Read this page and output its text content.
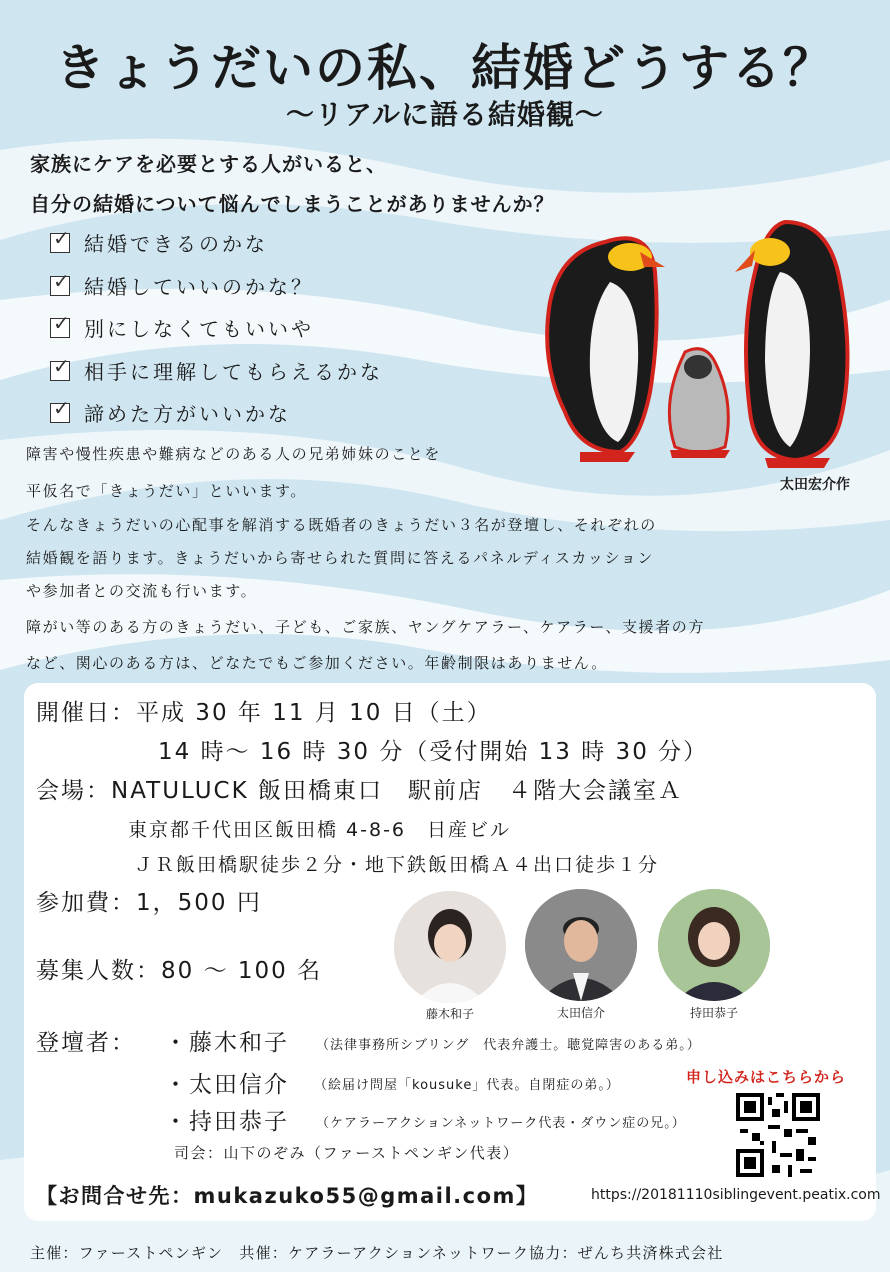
きょうだいの私、結婚どうする？
〜リアルに語る結婚観〜
家族にケアを必要とする人がいると、
自分の結婚について悩んでしまうことがありませんか？
✓
結婚できるのかな
✓
結婚していいのかな？
✓
別にしなくてもいいや
✓
相手に理解してもらえるかな
✓
諦めた方がいいかな
太田宏介作
障害や慢性疾患や難病などのある人の兄弟姉妹のことを
平仮名で「きょうだい」といいます。
そんなきょうだいの心配事を解消する既婚者のきょうだい３名が登壇し、それぞれの
結婚観を語ります。きょうだいから寄せられた質問に答えるパネルディスカッション
や参加者との交流も行います。
障がい等のある方のきょうだい、子ども、ご家族、ヤングケアラー、ケアラー、支援者の方
など、関心のある方は、どなたでもご参加ください。年齢制限はありません。
開催日：平成 30 年 11 月 10 日（土）
14 時〜 16 時 30 分（受付開始 13 時 30 分）
会場：NATULUCK 飯田橋東口　駅前店　４階大会議室Ａ
東京都千代田区飯田橋 4-8-6　日産ビル
ＪＲ飯田橋駅徒歩２分・地下鉄飯田橋Ａ４出口徒歩１分
参加費：1，500 円
募集人数：80 〜 100 名
藤木和子	太田信介	持田恭子
登壇者： ・藤木和子 （法律事務所シブリング　代表弁護士。聴覚障害のある弟。）
・太田信介 （絵届け問屋「kousuke」代表。自閉症の弟。）
・持田恭子 （ケアラーアクションネットワーク代表・ダウン症の兄。）
司会：山下のぞみ（ファーストペンギン代表）
申し込みはこちらから
【お問合せ先：mukazuko55@gmail.com】	https://20181110siblingevent.peatix.com
主催：ファーストペンギン　共催：ケアラーアクションネットワーク協力：ぜんち共済株式会社
